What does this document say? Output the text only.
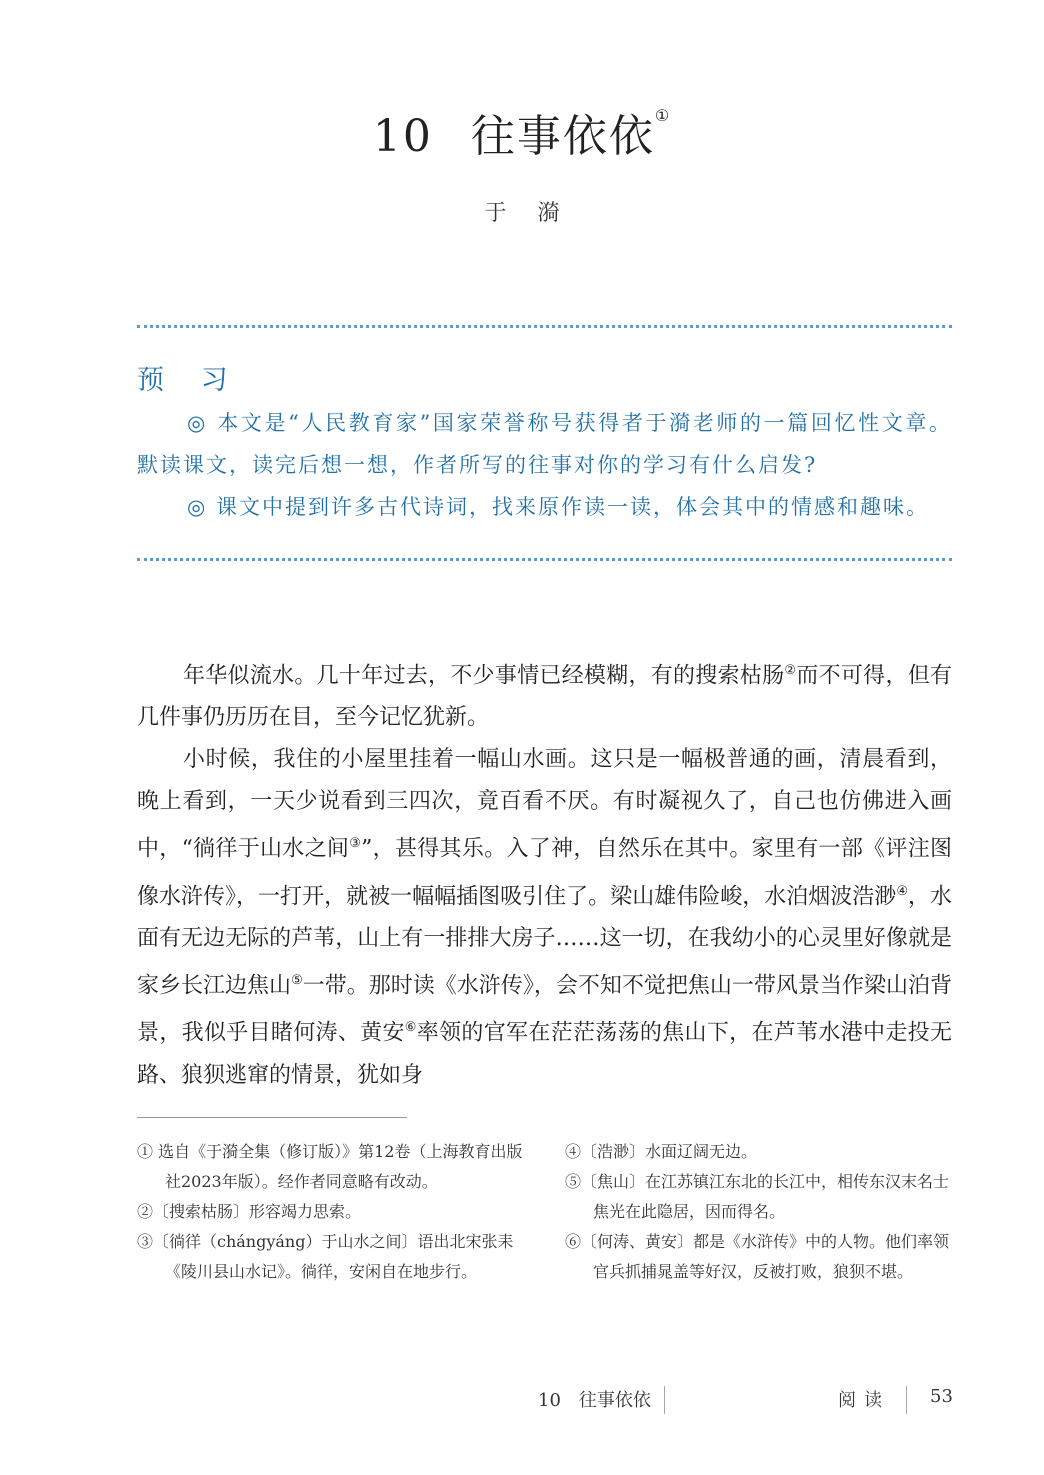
10 往事依依①
于 漪
预 习

◎ 本文是“人民教育家”国家荣誉称号获得者于漪老师的一篇回忆性文章。默读课文，读完后想一想，作者所写的往事对你的学习有什么启发?

◎ 课文中提到许多古代诗词，找来原作读一读，体会其中的情感和趣味。

年华似流水。几十年过去，不少事情已经模糊，有的搜索枯肠②而不可得，但有几件事仍历历在目，至今记忆犹新。

小时候，我住的小屋里挂着一幅山水画。这只是一幅极普通的画，清晨看到，晚上看到，一天少说看到三四次，竟百看不厌。有时凝视久了，自己也仿佛进入画中，“徜徉于山水之间③”，甚得其乐。入了神，自然乐在其中。家里有一部《评注图像水浒传》，一打开，就被一幅幅插图吸引住了。梁山雄伟险峻，水泊烟波浩渺④，水面有无边无际的芦苇，山上有一排排大房子……这一切，在我幼小的心灵里好像就是家乡长江边焦山⑤一带。那时读《水浒传》，会不知不觉把焦山一带风景当作梁山泊背景，我似乎目睹何涛、黄安⑥率领的官军在茫茫荡荡的焦山下，在芦苇水港中走投无路、狼狈逃窜的情景，犹如身

① 选自《于漪全集（修订版）》第12卷（上海教育出版社2023年版）。经作者同意略有改动。

②〔搜索枯肠〕形容竭力思索。

③〔徜徉（chángyáng）于山水之间〕语出北宋张耒《陵川县山水记》。徜徉，安闲自在地步行。

④〔浩渺〕水面辽阔无边。

⑤〔焦山〕在江苏镇江东北的长江中，相传东汉末名士焦光在此隐居，因而得名。

⑥〔何涛、黄安〕都是《水浒传》中的人物。他们率领官兵抓捕晁盖等好汉，反被打败，狼狈不堪。

10　往事依依	阅读 53
